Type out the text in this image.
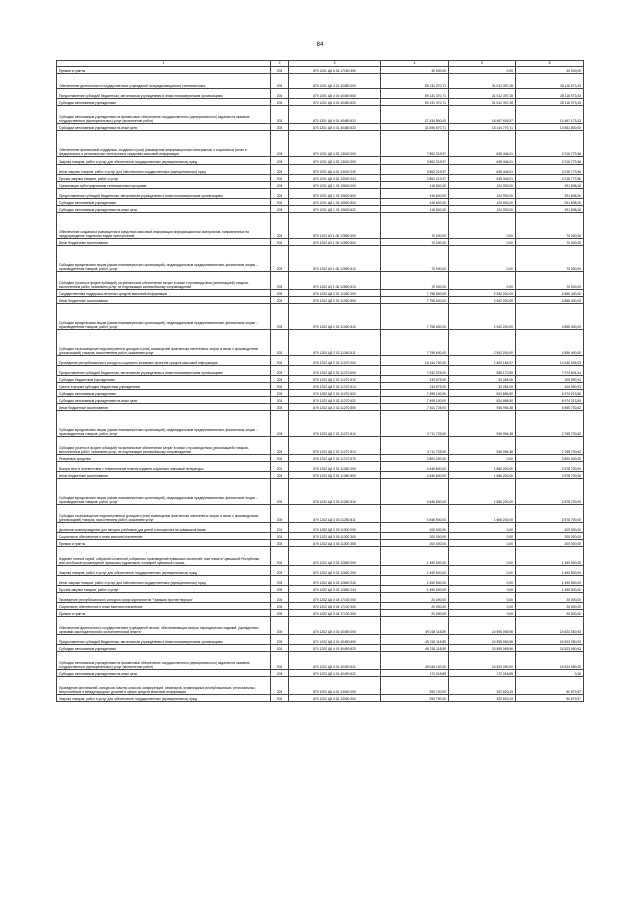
84
1	2	3	4	5	6
Премии и гранты	203	870 1201 Ц8 3 04 17150 350	30 000,00	0,00	30 000,00
Обеспечение деятельности государственных учреждений телерадиовещания и телевизионных	203	870 1201 Ц8 4 01 40480 000	59 131 370,71	31 012 397,28	28 118 973,43
Предоставление субсидий бюджетным, автономным учреждениям и иным некоммерческим организациям	203	870 1201 Ц8 4 01 40480 600	59 131 370,71	31 012 397,28	28 118 973,43
Субсидии автономным учреждениям	203	870 1201 Ц8 4 01 40480 620	59 131 370,71	31 012 397,28	28 118 973,43
Субсидии автономным учреждениям на финансовое обеспечение государственного (муниципального) задания на оказание государственных (муниципальных) услуг (выполнение работ)	203	870 1201 Ц8 4 01 40480 621	27 434 800,00	16 467 626,57	14 467 173,43
Субсидии автономным учреждениям на иные цели	203	870 1201 Ц8 4 01 40480 622	31 696 570,71	15 144 770,71	13 651 800,00
Обеспечение финансовой поддержки, создания и (или) размещения информационных материалов о социальных ролях в федеральных и региональных электронных средствах массовой информации	203	870 1201 Ц8 4 02 13040 000	7 862 219,97	845 446,01	3 216 773,96
Закупка товаров, работ и услуг для обеспечения государственных (муниципальных) нужд	203	870 1201 Ц8 4 02 13040 200	3 862 219,97	645 446,01	3 216 773,96
Иные закупки товаров, работ и услуг для обеспечения государственных (муниципальных) нужд	203	870 1201 Ц8 4 02 13040 240	3 862 219,97	645 446,01	3 216 773,96
Прочая закупка товаров, работ и услуг	203	870 1201 Ц8 4 02 13040 244	3 862 219,97	645 446,01	3 216 773,96
Организация субтитрирования телевизионных программ	203	870 1201 Ц8 1 03 19600 000	416 600,00	124 992,00	291 608,00
Предоставление субсидий бюджетным, автономным учреждениям и иным некоммерческим организациям	203	870 1201 Ц8 1 03 19600 600	416 600,00	124 992,00	291 608,00
Субсидии автономным учреждениям	203	870 1201 Ц8 1 03 19600 620	416 600,00	124 992,00	291 608,00
Субсидии автономным учреждениям на иные цели	203	870 1201 Ц8 1 03 19600 622	416 600,00	124 992,00	291 608,00
Обеспечение создания и размещения в средствах массовой информации информационных материалов, направленных на предупреждение отдельных видов преступлений	203	870 1202 А3 1 06 12590 000	70 000,00	0,00	70 000,00
Иные бюджетные ассигнования	203	870 1202 А3 1 06 12590 800	70 000,00	0,00	70 000,00
Субсидии юридическим лицам (кроме некоммерческих организаций), индивидуальным предпринимателям, физическим лицам – производителям товаров, работ, услуг	203	870 1202 А3 1 06 12590 810	70 000,00	0,00	70 000,00
Субсидии (гранты в форме субсидий) на финансовое обеспечение затрат в связи с производством (реализацией) товаров, выполнением работ, оказанием услуг, не подлежащие казначейскому сопровождению	203	870 1202 А3 1 06 12590 813	70 000,00	0,00	70 000,00
Государственная поддержка печатных средств массовой информации	203	870 1202 Ц8 2 02 11260 000	7 798 500,00	2 942 200,00	4 856 400,00
Иные бюджетные ассигнования	203	870 1202 Ц8 2 02 11260 800	7 798 600,00	2 942 200,00	4 856 400,00
Субсидии юридическим лицам (кроме некоммерческих организаций), индивидуальным предпринимателям, физическим лицам – производителям товаров, работ, услуг	203	870 1202 Ц8 2 02 11260 810	7 798 600,00	2 942 200,00	4 856 400,00
Субсидии на возмещение недополученных доходов и (или) возмещение фактически понесенных затрат в связи с производством (реализацией) товаров, выполнением работ, оказанием услуг	203	870 1202 Ц8 2 02 11260 811	7 798 600,00	2 942 200,00	4 856 400,00
Проведение республиканского конкурса социально значимых проектов средств массовой информации	203	870 1202 Ц8 2 02 11270 000	15 144 700,00	1 504 164,97	13 640 535,03
Предоставление субсидий бюджетным, автономным учреждениям и иным некоммерческим организациям	203	870 1202 Ц8 2 02 11270 600	7 632 975,00	558 170,59	7 074 804,41
Субсидии бюджетным учреждениям	203	870 1202 Ц8 2 02 11270 610	133 875,00	33 284,09	100 590,91
Гранты в форме субсидии бюджетным учреждениям	203	870 1202 Ц8 2 02 11270 613	133 875,00	33 284,09	100 590,91
Субсидии автономным учреждениям	203	870 1202 Ц8 2 02 11270 620	7 499 100,00	524 886,50	6 974 213,50
Субсидии автономным учреждениям на иные цели	203	870 1202 Ц8 2 02 11270 622	7 499 100,00	524 886,50	6 974 213,50
Иные бюджетные ассигнования	203	870 1202 Ц8 2 02 11270 800	7 511 725,00	945 994,38	6 565 730,62
Субсидии юридическим лицам (кроме некоммерческих организаций), индивидуальным предпринимателям, физическим лицам – производителям товаров, работ, услуг	203	870 1202 Ц8 2 02 11270 810	3 711 725,00	945 994,38	2 765 730,62
Субсидии (гранты в форме субсидий) на финансовое обеспечение затрат в связи с производством (реализацией) товаров, выполнением работ, оказанием услуг, не подлежащие казначейскому сопровождению	203	870 1202 Ц8 2 02 11270 813	3 711 725,00	945 994,38	2 765 730,62
Резервные средства	203	870 1202 Ц8 2 02 11270 870	3 800 000,00	0,00	3 800 000,00
Выпуск книг в соответствии с тематическим планом издания социально значимой литературы	201	870 1202 Ц8 3 01 11280 000	4 546 800,00	1 666 200,00	2 878 700,00
Иные бюджетные ассигнования	203	870 1202 Ц8 3 01 11280 800	4 546 800,00	1 666 200,00	2 878 700,00
Субсидии юридическим лицам (кроме некоммерческих организаций), индивидуальным предпринимателям, физическим лицам – производителям товаров, работ, услуг	203	870 1202 Ц8 3 03 11280 810	4 546 800,00	1 666 200,00	2 878 700,00
Субсидии на возмещение недополученных доходов и (или) возмещение фактически понесенных затрат в связи с производством (реализацией) товаров, выполнением работ, оказанием услуг	203	870 1202 Ц8 3 03 11280 811	4 546 900,00	1 666 200,00	2 878 700,00
Денежное вознаграждение для авторов учебников для детей и юношества на чувашском языке	201	870 1202 Ц8 3 03 11300 000	200 000,00	0,00	200 000,00
Социальное обеспечение и иные выплаты населению	203	870 1202 Ц8 3 03 11300 300	200 000,00	0,00	200 000,00
Премии и гранты	203	870 1202 Ц8 3 03 11300 350	200 000,00	0,00	200 000,00
Издание полных серий, собраний сочинений, избранных произведений чувашских писателей, книг-памяти Чувашской Республики, книг-альбомов произведений чувашских художников, словарей чувашского языка	203	870 1202 Ц8 3 03 12660 000	1 490 500,00	0,00	1 490 500,00
Закупка товаров, работ и услуг для обеспечения государственных (муниципальных) нужд	203	870 1202 Ц8 3 03 12660 200	1 490 500,00	0,00	1 490 500,00
Иные закупки товаров, работ и услуг для обеспечения государственных (муниципальных) нужд	203	870 1202 Ц8 3 03 12660 240	1 490 500,00	0,00	1 490 500,00
Прочая закупка товаров, работ и услуг	203	870 1202 Ц8 3 03 12660 244	1 490 500,00	0,00	1 490 500,00
Проведение республиканского конкурса среди журналистов "Чувашия против террора"	203	870 1202 Ц8 3 04 17130 000	20 000,00	0,00	20 000,00
Социальное обеспечение и иные выплаты населению	203	870 1202 Ц8 3 04 17130 300	20 000,00	0,00	20 000,00
Премии и гранты	203	870 1202 Ц8 3 04 17130 350	20 000,00	0,00	20 000,00
Обеспечение деятельности государственных учреждений печати, обеспечивающих выпуск периодических изданий, учрежденных органами законодательной и исполнительной власти	203	870 1202 Ц8 4 01 40490 000	49 218 118,89	24 595 069,96	24 623 050,93
Предоставление субсидий бюджетным, автономным учреждениям и иным некоммерческим организациям	203	870 1202 Ц8 4 01 40490 600	49 218 118,89	24 595 069,96	24 523 050,93
Субсидии автономным учреждениям	203	870 1202 Ц8 4 01 40490 620	49 218 118,89	24 595 069,96	24 523 050,93
Субсидии автономным учреждениям на финансовое обеспечение государственного (муниципального) задания на оказание государственных (муниципальных) услуг (выполнение работ)	203	870 1202 Ц8 4 01 40490 621	49 046 100,00	24 523 050,00	24 523 050,00
Субсидии автономным учреждениям на иные цели	203	870 1202 Ц8 4 01 40490 622	172 018,89	172 018,89	0,00
Проведение фестивалей, конкурсов, мастер-классов, конференций, семинаров, олимпиадных республиканских, региональных, всероссийских и международных уровней в сфере средств массовой информации	203	870 1202 Ц8 4 02 13050 000	253 700,00	202 820,43	50 879,57
Закупка товаров, работ и услуг для обеспечения государственных (муниципальных) нужд	203	870 1202 Ц8 4 02 13050 200	253 700,00	202 820,43	50 879,57
